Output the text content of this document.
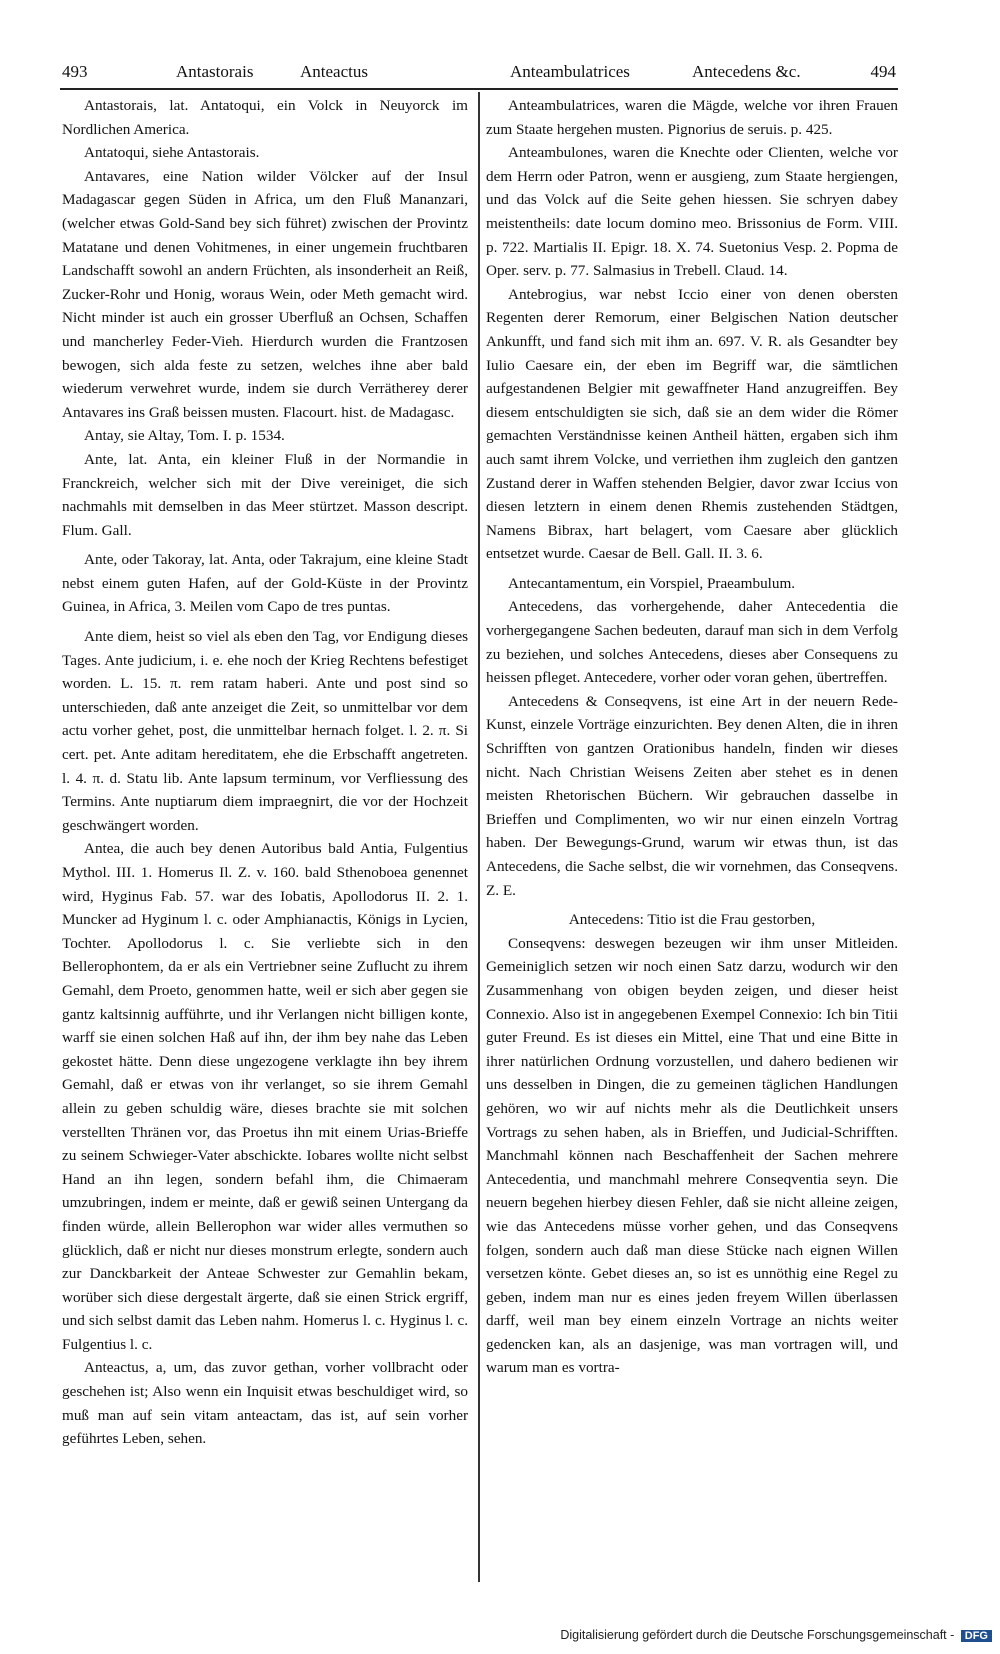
493	Antastorais	Anteactus	Anteambulatrices	Antecedens &c.	494

Antastorais, lat. Antatoqui, ein Volck in Neuyorck im Nordlichen America.

Antatoqui, siehe Antastorais.

Antavares, eine Nation wilder Völcker auf der Insul Madagascar gegen Süden in Africa, um den Fluß Mananzari, (welcher etwas Gold-Sand bey sich führet) zwischen der Provintz Matatane und denen Vohitmenes, in einer ungemein fruchtbaren Landschafft sowohl an andern Früchten, als insonderheit an Reiß, Zucker-Rohr und Honig, woraus Wein, oder Meth gemacht wird. Nicht minder ist auch ein grosser Uberfluß an Ochsen, Schaffen und mancherley Feder-Vieh. Hierdurch wurden die Frantzosen bewogen, sich alda feste zu setzen, welches ihne aber bald wiederum verwehret wurde, indem sie durch Verrätherey derer Antavares ins Graß beissen musten. Flacourt. hist. de Madagasc.

Antay, sie Altay, Tom. I. p. 1534.

Ante, lat. Anta, ein kleiner Fluß in der Normandie in Franckreich, welcher sich mit der Dive vereiniget, die sich nachmahls mit demselben in das Meer stürtzet. Masson descript. Flum. Gall.

Ante, oder Takoray, lat. Anta, oder Takrajum, eine kleine Stadt nebst einem guten Hafen, auf der Gold-Küste in der Provintz Guinea, in Africa, 3. Meilen vom Capo de tres puntas.

Ante diem, heist so viel als eben den Tag, vor Endigung dieses Tages. Ante judicium, i. e. ehe noch der Krieg Rechtens befestiget worden. L. 15. π. rem ratam haberi. Ante und post sind so unterschieden, daß ante anzeiget die Zeit, so unmittelbar vor dem actu vorher gehet, post, die unmittelbar hernach folget. l. 2. π. Si cert. pet. Ante aditam hereditatem, ehe die Erbschafft angetreten. l. 4. π. d. Statu lib. Ante lapsum terminum, vor Verfliessung des Termins. Ante nuptiarum diem impraegnirt, die vor der Hochzeit geschwängert worden.

Antea, die auch bey denen Autoribus bald Antia, Fulgentius Mythol. III. 1. Homerus Il. Z. v. 160. bald Sthenoboea genennet wird, Hyginus Fab. 57. war des Iobatis, Apollodorus II. 2. 1. Muncker ad Hyginum l. c. oder Amphianactis, Königs in Lycien, Tochter. Apollodorus l. c. Sie verliebte sich in den Bellerophontem, da er als ein Vertriebner seine Zuflucht zu ihrem Gemahl, dem Proeto, genommen hatte, weil er sich aber gegen sie gantz kaltsinnig aufführte, und ihr Verlangen nicht billigen konte, warff sie einen solchen Haß auf ihn, der ihm bey nahe das Leben gekostet hätte. Denn diese ungezogene verklagte ihn bey ihrem Gemahl, daß er etwas von ihr verlanget, so sie ihrem Gemahl allein zu geben schuldig wäre, dieses brachte sie mit solchen verstellten Thränen vor, das Proetus ihn mit einem Urias-Brieffe zu seinem Schwieger-Vater abschickte. Iobares wollte nicht selbst Hand an ihn legen, sondern befahl ihm, die Chimaeram umzubringen, indem er meinte, daß er gewiß seinen Untergang da finden würde, allein Bellerophon war wider alles vermuthen so glücklich, daß er nicht nur dieses monstrum erlegte, sondern auch zur Danckbarkeit der Anteae Schwester zur Gemahlin bekam, worüber sich diese dergestalt ärgerte, daß sie einen Strick ergriff, und sich selbst damit das Leben nahm. Homerus l. c. Hyginus l. c. Fulgentius l. c.

Anteactus, a, um, das zuvor gethan, vorher vollbracht oder geschehen ist; Also wenn ein Inquisit etwas beschuldiget wird, so muß man auf sein vitam anteactam, das ist, auf sein vorher geführtes Leben, sehen.

Anteambulatrices, waren die Mägde, welche vor ihren Frauen zum Staate hergehen musten. Pignorius de seruis. p. 425.

Anteambulones, waren die Knechte oder Clienten, welche vor dem Herrn oder Patron, wenn er ausgieng, zum Staate hergiengen, und das Volck auf die Seite gehen hiessen. Sie schryen dabey meistentheils: date locum domino meo. Brissonius de Form. VIII. p. 722. Martialis II. Epigr. 18. X. 74. Suetonius Vesp. 2. Popma de Oper. serv. p. 77. Salmasius in Trebell. Claud. 14.

Antebrogius, war nebst Iccio einer von denen obersten Regenten derer Remorum, einer Belgischen Nation deutscher Ankunfft, und fand sich mit ihm an. 697. V. R. als Gesandter bey Iulio Caesare ein, der eben im Begriff war, die sämtlichen aufgestandenen Belgier mit gewaffneter Hand anzugreiffen. Bey diesem entschuldigten sie sich, daß sie an dem wider die Römer gemachten Verständnisse keinen Antheil hätten, ergaben sich ihm auch samt ihrem Volcke, und verriethen ihm zugleich den gantzen Zustand derer in Waffen stehenden Belgier, davor zwar Iccius von diesen letztern in einem denen Rhemis zustehenden Städtgen, Namens Bibrax, hart belagert, vom Caesare aber glücklich entsetzet wurde. Caesar de Bell. Gall. II. 3. 6.

Antecantamentum, ein Vorspiel, Praeambulum.

Antecedens, das vorhergehende, daher Antecedentia die vorhergegangene Sachen bedeuten, darauf man sich in dem Verfolg zu beziehen, und solches Antecedens, dieses aber Consequens zu heissen pfleget. Antecedere, vorher oder voran gehen, übertreffen.

Antecedens & Conseqvens, ist eine Art in der neuern Rede-Kunst, einzele Vorträge einzurichten. Bey denen Alten, die in ihren Schrifften von gantzen Orationibus handeln, finden wir dieses nicht. Nach Christian Weisens Zeiten aber stehet es in denen meisten Rhetorischen Büchern. Wir gebrauchen dasselbe in Brieffen und Complimenten, wo wir nur einen einzeln Vortrag haben. Der Bewegungs-Grund, warum wir etwas thun, ist das Antecedens, die Sache selbst, die wir vornehmen, das Conseqvens. Z. E.

Antecedens: Titio ist die Frau gestorben,

Conseqvens: deswegen bezeugen wir ihm unser Mitleiden. Gemeiniglich setzen wir noch einen Satz darzu, wodurch wir den Zusammenhang von obigen beyden zeigen, und dieser heist Connexio. Also ist in angegebenen Exempel Connexio: Ich bin Titii guter Freund. Es ist dieses ein Mittel, eine That und eine Bitte in ihrer natürlichen Ordnung vorzustellen, und dahero bedienen wir uns desselben in Dingen, die zu gemeinen täglichen Handlungen gehören, wo wir auf nichts mehr als die Deutlichkeit unsers Vortrags zu sehen haben, als in Brieffen, und Judicial-Schrifften. Manchmahl können nach Beschaffenheit der Sachen mehrere Antecedentia, und manchmahl mehrere Conseqventia seyn. Die neuern begehen hierbey diesen Fehler, daß sie nicht alleine zeigen, wie das Antecedens müsse vorher gehen, und das Conseqvens folgen, sondern auch daß man diese Stücke nach eignen Willen versetzen könte. Gebet dieses an, so ist es unnöthig eine Regel zu geben, indem man nur es eines jeden freyem Willen überlassen darff, weil man bey einem einzeln Vortrage an nichts weiter gedencken kan, als an dasjenige, was man vortragen will, und warum man es vortra-

Digitalisierung gefördert durch die Deutsche Forschungsgemeinschaft - DFG
